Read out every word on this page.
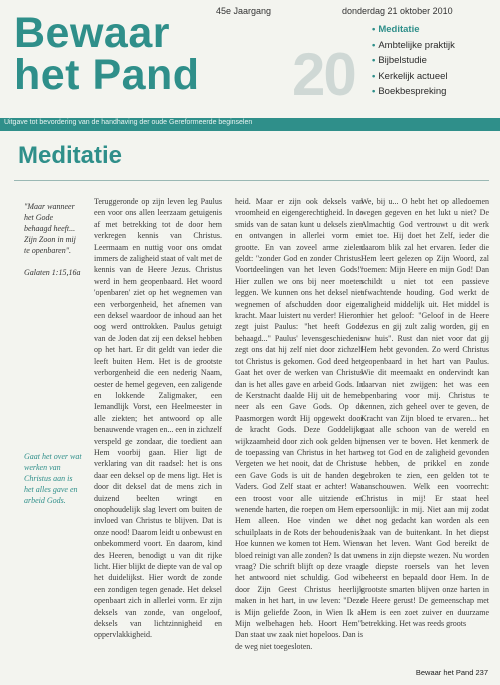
45e Jaargang	donderdag 21 oktober 2010
Bewaar
het Pand	20
• Meditatie
• Ambtelijke praktijk
• Bijbelstudie
• Kerkelijk actueel
• Boekbespreking
Uitgave tot bevordering van de handhaving der oude Gereformeerde beginselen
Meditatie
"Maar wanneer het Gode behaagd heeft... Zijn Zoon in mij te openbaren".
Galaten 1:15,16a
Gaat het over wat werken van Christus aan is het alles gave en arbeid Gods.

Teruggeronde op zijn leven leg Paulus een voor ons allen leerzaam getuigenis af met betrekking tot de door hem verkregen kennis van Christus. Leermaam en nuttig voor ons omdat immers de zaligheid staat of valt met de kennis van de Heere Jezus. Christus werd in hem geopenbaard. Het woord 'openbaren' ziet op het wegnemen van een verborgenheid, het afnemen van een deksel waardoor de inhoud aan het oog werd onttrokken. Paulus getuigt van de Joden dat zij een deksel hebben op het hart. Er dit geldt van ieder die leeft buiten Hem. Het is de grootste verborgenheid die een nederig Naam, oester de hemel gegeven, een zaligende en lokkende Zaligmaker, een Iemandlijk Vorst, een Heelmeester in alle ziekten; het antwoord op alle benauwende vragen en... een in zichzelf verspeld ge zondaar, die toedient aan Hem voorbij gaan. Hier ligt de verklaring van dit raadsel: het is ons daar een deksel op de mens ligt. Het is door dit deksel dat de mens zich in duizend beelten wringt en onophoudelijk slag levert om buiten de invloed van Christus te blijven. Dat is onze nood! Daarom leidt u onbewust en onbekommerd voort. En daarom, kind des Heeren, benodigt u van dit rijke licht. Hier blijkt de diepte van de val op het duidelijkst. Hier wordt de zonde een zondigen tegen genade. Het deksel openbaart zich in allerlei vorm. Er zijn deksels van zonde, van ongeloof, deksels van lichtzinnigheid en oppervlakkigheid.

heid. Maar er zijn ook deksels van vroomheid en eigengerechtigheid. In de smids van de satan kunt u deksels zien en ontvangen in allerlei vorm en grootte. En van zoveel arme zielen geldt: "zonder God en zonder Christus. Voortdeelingen van het leven Gods!" Hier zullen we ons bij neer moeten leggen. We kunnen ons het deksel niet wegnemen of afschudden door eigen kracht. Maar luistert nu verder! Hierom zegt juist Paulus: "het heeft Gode behaagd..." Paulus' levensgeschiedenis zegt ons dat hij zelf niet door zichzelf tot Christus is gekomen. God deed het. Gaat het over de werken van Christus dan is het alles gave en arbeid Gods. In de Kerstnacht daalde Hij uit de hemel neer als een Gave Gods. Op de Paasmorgen wordt Hij opgewekt door de kracht Gods. Deze Goddelijke wijkzaamheid door zich ook gelden bij de toepassing van Christus in het hart. Vergeten we het nooit, dat de Christus een Gave Gods is uit de handen des Vaders. God Zelf staat er achter! Wat een troost voor alle uitziende en wenende harten, die roepen om Hem en Hem alleen. Hoe vinden we de schuilplaats in de Rots der behoudenis? Hoe kunnen we komen tot Hem. Wiens bloed reinigt van alle zonden? Is dat uw vraag? Die schrift blijft op deze vraag het antwoord niet schuldig. God wil door Zijn Geest Christus heerlijk maken in het hart, in uw leven: "Deze is Mijn geliefde Zoon, in Wien Ik al Mijn welbehagen heb. Hoort Hem". Dan staat uw zaak niet hopeloos. Dan is de weg niet toegesloten.

We, bij u... O hebt het op alledoemen wegen gegeven en het lukt u niet? De Almachtig God vertrouwt u dit werk niet toe. Hij doet het Zelf, ieder die daarom blik zal het ervaren. Ieder die Hem leert gelezen op Zijn Woord, zal roemen: Mijn Heere en mijn God! Dan schildt u niet tot een passieve afwachtende houding. God werkt de zaligheid middelijk uit. Het middel is hier het geloof: "Geloof in de Heere Jezus en gij zult zalig worden, gij en uw huis". Rust dan niet voor dat gij Hem hebt gevonden. Zo werd Christus geopenbaard in het hart van Paulus. Wie dit meemaakt en ondervindt kan daarvan niet zwijgen: het was een openbaring voor mij. Christus te kennen, zich geheel over te geven, de Kracht van Zijn bloed te ervaren... het gaat alle schoon van de wereld en mensen ver te boven. Het kenmerk de weg tot God en de zaligheid gevonden te hebben, de prikkel en zonde gebroken te zien, een gelden tot te aanschouwen. Welk een voorrecht: Christus in mij! Er staat heel persoonlijk: in mij. Niet aan mij zodat het nog gedacht kan worden als een zaak van de buitenkant. In het diepst van het leven. Want God bereikt de mens in zijn diepste wezen. Nu worden de diepste roersels van het leven beheerst en bepaald door Hem. In de grootste smarten blijven onze harten in de Heere gerust! De gemeenschap met Hem is een zoet zuiver en duurzame betrekking. Het was reeds groots

Bewaar het Pand 237
